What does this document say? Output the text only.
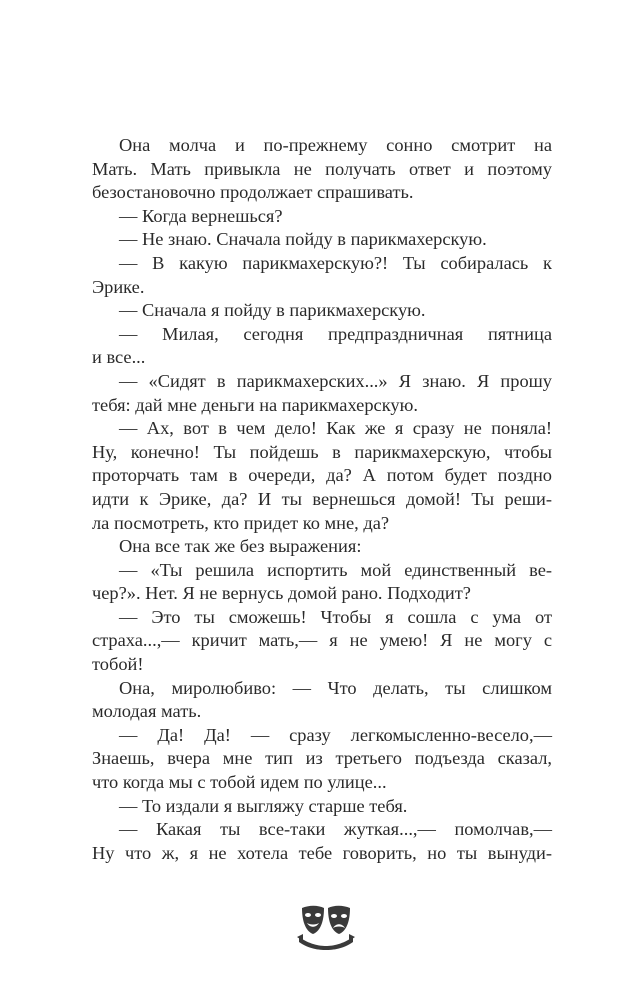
Она молча и по-прежнему сонно смотрит на
Мать. Мать привыкла не получать ответ и поэтому
безостановочно продолжает спрашивать.
— Когда вернешься?
— Не знаю. Сначала пойду в парикмахерскую.
— В какую парикмахерскую?! Ты собиралась к
Эрике.
— Сначала я пойду в парикмахерскую.
— Милая, сегодня предпраздничная пятница
и все...
— «Сидят в парикмахерских...» Я знаю. Я прошу
тебя: дай мне деньги на парикмахерскую.
— Ах, вот в чем дело! Как же я сразу не поняла!
Ну, конечно! Ты пойдешь в парикмахерскую, чтобы
проторчать там в очереди, да? А потом будет поздно
идти к Эрике, да? И ты вернешься домой! Ты реши-
ла посмотреть, кто придет ко мне, да?
Она все так же без выражения:
— «Ты решила испортить мой единственный ве-
чер?». Нет. Я не вернусь домой рано. Подходит?
— Это ты сможешь! Чтобы я сошла с ума от
страха...,— кричит мать,— я не умею! Я не могу с
тобой!
Она, миролюбиво: — Что делать, ты слишком
молодая мать.
— Да! Да! — сразу легкомысленно-весело,—
Знаешь, вчера мне тип из третьего подъезда сказал,
что когда мы с тобой идем по улице...
— То издали я выгляжу старше тебя.
— Какая ты все-таки жуткая...,— помолчав,—
Ну что ж, я не хотела тебе говорить, но ты вынуди-
